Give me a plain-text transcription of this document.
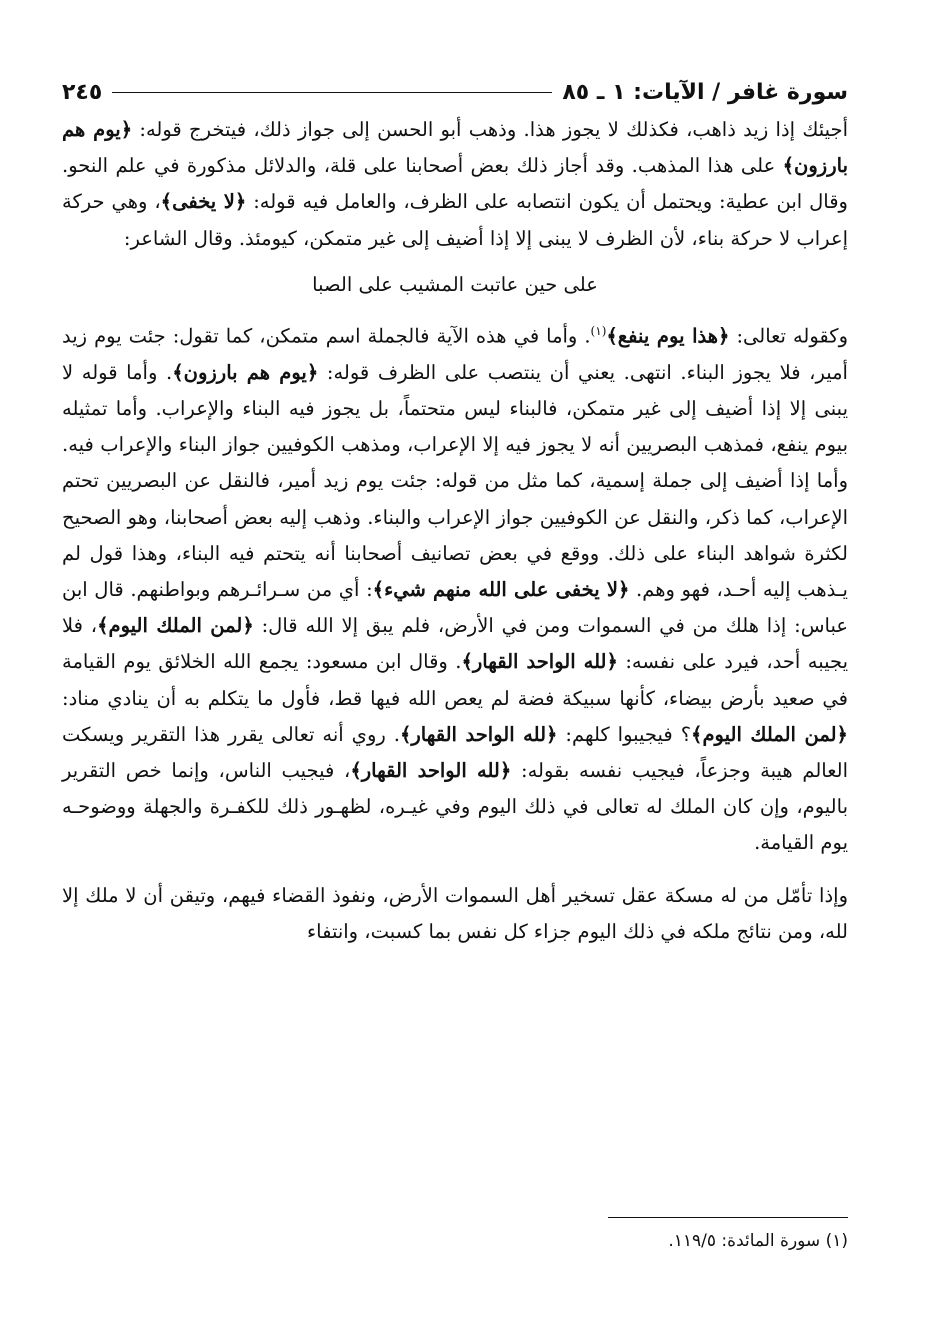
سورة غافر / الآيات: ١ ـ ٨٥
٢٤٥

أجيئك إذا زيد ذاهب، فكذلك لا يجوز هذا. وذهب أبو الحسن إلى جواز ذلك، فيتخرج قوله: ﴿يوم هم بارزون﴾ على هذا المذهب. وقد أجاز ذلك بعض أصحابنا على قلة، والدلائل مذكورة في علم النحو. وقال ابن عطية: ويحتمل أن يكون انتصابه على الظرف، والعامل فيه قوله: ﴿لا يخفى﴾، وهي حركة إعراب لا حركة بناء، لأن الظرف لا يبنى إلا إذا أضيف إلى غير متمكن، كيومئذ. وقال الشاعر:

على حين عاتبت المشيب على الصبا

وكقوله تعالى: ﴿هذا يوم ينفع﴾$^{(١)}$. وأما في هذه الآية فالجملة اسم متمكن، كما تقول: جئت يوم زيد أمير، فلا يجوز البناء. انتهى. يعني أن ينتصب على الظرف قوله: ﴿يوم هم بارزون﴾. وأما قوله لا يبنى إلا إذا أضيف إلى غير متمكن، فالبناء ليس متحتماً، بل يجوز فيه البناء والإعراب. وأما تمثيله بيوم ينفع، فمذهب البصريين أنه لا يجوز فيه إلا الإعراب، ومذهب الكوفيين جواز البناء والإعراب فيه. وأما إذا أضيف إلى جملة إسمية، كما مثل من قوله: جئت يوم زيد أمير، فالنقل عن البصريين تحتم الإعراب، كما ذكر، والنقل عن الكوفيين جواز الإعراب والبناء. وذهب إليه بعض أصحابنا، وهو الصحيح لكثرة شواهد البناء على ذلك. ووقع في بعض تصانيف أصحابنا أنه يتحتم فيه البناء، وهذا قول لم يـذهب إليه أحـد، فهو وهم. ﴿لا يخفى على الله منهم شيء﴾: أي من سـرائـرهم وبواطنهم. قال ابن عباس: إذا هلك من في السموات ومن في الأرض، فلم يبق إلا الله قال: ﴿لمن الملك اليوم﴾، فلا يجيبه أحد، فيرد على نفسه: ﴿لله الواحد القهار﴾. وقال ابن مسعود: يجمع الله الخلائق يوم القيامة في صعيد بأرض بيضاء، كأنها سبيكة فضة لم يعص الله فيها قط، فأول ما يتكلم به أن ينادي مناد: ﴿لمن الملك اليوم﴾؟ فيجيبوا كلهم: ﴿لله الواحد القهار﴾. روي أنه تعالى يقرر هذا التقرير ويسكت العالم هيبة وجزعاً، فيجيب نفسه بقوله: ﴿لله الواحد القهار﴾، فيجيب الناس، وإنما خص التقرير باليوم، وإن كان الملك له تعالى في ذلك اليوم وفي غيـره، لظهـور ذلك للكفـرة والجهلة ووضوحـه يوم القيامة.

وإذا تأمّل من له مسكة عقل تسخير أهل السموات الأرض، ونفوذ القضاء فيهم، وتيقن أن لا ملك إلا لله، ومن نتائج ملكه في ذلك اليوم جزاء كل نفس بما كسبت، وانتفاء

(١) سورة المائدة: ١١٩/٥.
